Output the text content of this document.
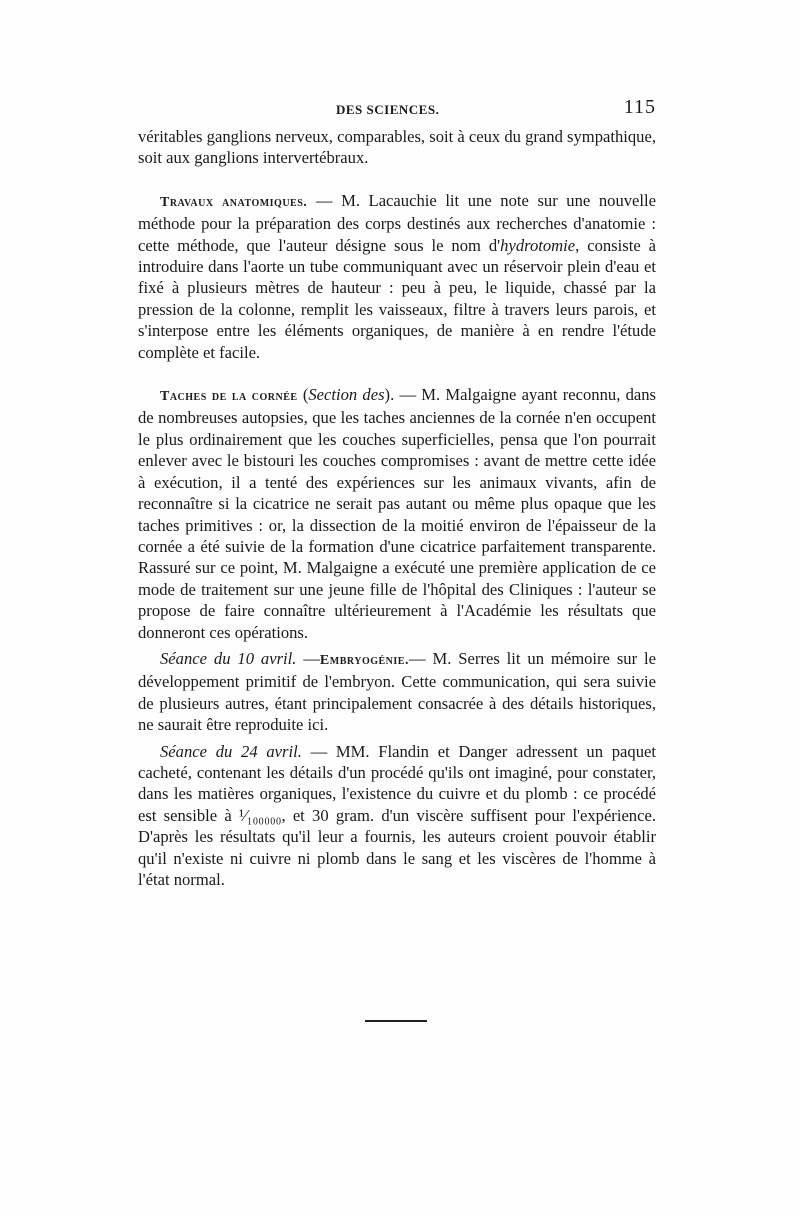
DES SCIENCES.	115

véritables ganglions nerveux, comparables, soit à ceux du grand sympathique, soit aux ganglions intervertébraux.

Travaux anatomiques. — M. Lacauchie lit une note sur une nouvelle méthode pour la préparation des corps destinés aux recherches d'anatomie : cette méthode, que l'auteur désigne sous le nom d'hydrotomie, consiste à introduire dans l'aorte un tube communiquant avec un réservoir plein d'eau et fixé à plusieurs mètres de hauteur : peu à peu, le liquide, chassé par la pression de la colonne, remplit les vaisseaux, filtre à travers leurs parois, et s'interpose entre les éléments organiques, de manière à en rendre l'étude complète et facile.

Taches de la cornée (Section des). — M. Malgaigne ayant reconnu, dans de nombreuses autopsies, que les taches anciennes de la cornée n'en occupent le plus ordinairement que les couches superficielles, pensa que l'on pourrait enlever avec le bistouri les couches compromises : avant de mettre cette idée à exécution, il a tenté des expériences sur les animaux vivants, afin de reconnaître si la cicatrice ne serait pas autant ou même plus opaque que les taches primitives : or, la dissection de la moitié environ de l'épaisseur de la cornée a été suivie de la formation d'une cicatrice parfaitement transparente. Rassuré sur ce point, M. Malgaigne a exécuté une première application de ce mode de traitement sur une jeune fille de l'hôpital des Cliniques : l'auteur se propose de faire connaître ultérieurement à l'Académie les résultats que donneront ces opérations.

Séance du 10 avril. —Embryogénie.— M. Serres lit un mémoire sur le développement primitif de l'embryon. Cette communication, qui sera suivie de plusieurs autres, étant principalement consacrée à des détails historiques, ne saurait être reproduite ici.

Séance du 24 avril. — MM. Flandin et Danger adressent un paquet cacheté, contenant les détails d'un procédé qu'ils ont imaginé, pour constater, dans les matières organiques, l'existence du cuivre et du plomb : ce procédé est sensible à ¹⁄₁₀₀₀₀₀, et 30 gram. d'un viscère suffisent pour l'expérience. D'après les résultats qu'il leur a fournis, les auteurs croient pouvoir établir qu'il n'existe ni cuivre ni plomb dans le sang et les viscères de l'homme à l'état normal.
